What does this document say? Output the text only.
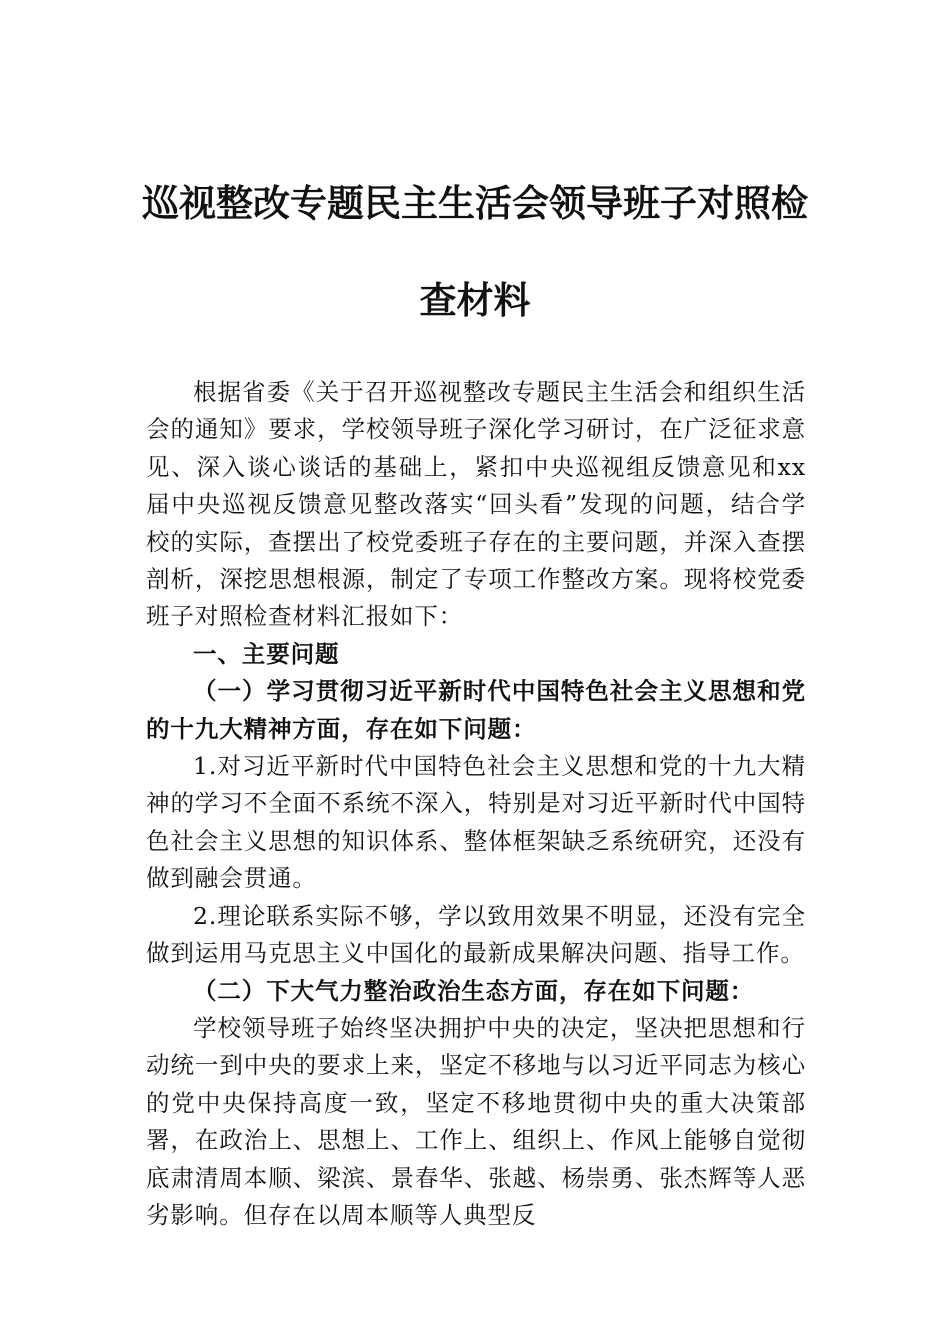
巡视整改专题民主生活会领导班子对照检
查材料

根据省委《关于召开巡视整改专题民主生活会和组织生活会的通知》要求，学校领导班子深化学习研讨，在广泛征求意见、深入谈心谈话的基础上，紧扣中央巡视组反馈意见和xx届中央巡视反馈意见整改落实“回头看”发现的问题，结合学校的实际，查摆出了校党委班子存在的主要问题，并深入查摆剖析，深挖思想根源，制定了专项工作整改方案。现将校党委班子对照检查材料汇报如下：

一、主要问题

（一）学习贯彻习近平新时代中国特色社会主义思想和党的十九大精神方面，存在如下问题：

1.对习近平新时代中国特色社会主义思想和党的十九大精神的学习不全面不系统不深入，特别是对习近平新时代中国特色社会主义思想的知识体系、整体框架缺乏系统研究，还没有做到融会贯通。

2.理论联系实际不够，学以致用效果不明显，还没有完全做到运用马克思主义中国化的最新成果解决问题、指导工作。

（二）下大气力整治政治生态方面，存在如下问题：

学校领导班子始终坚决拥护中央的决定，坚决把思想和行动统一到中央的要求上来，坚定不移地与以习近平同志为核心的党中央保持高度一致，坚定不移地贯彻中央的重大决策部署，在政治上、思想上、工作上、组织上、作风上能够自觉彻底肃清周本顺、梁滨、景春华、张越、杨崇勇、张杰辉等人恶劣影响。但存在以周本顺等人典型反
